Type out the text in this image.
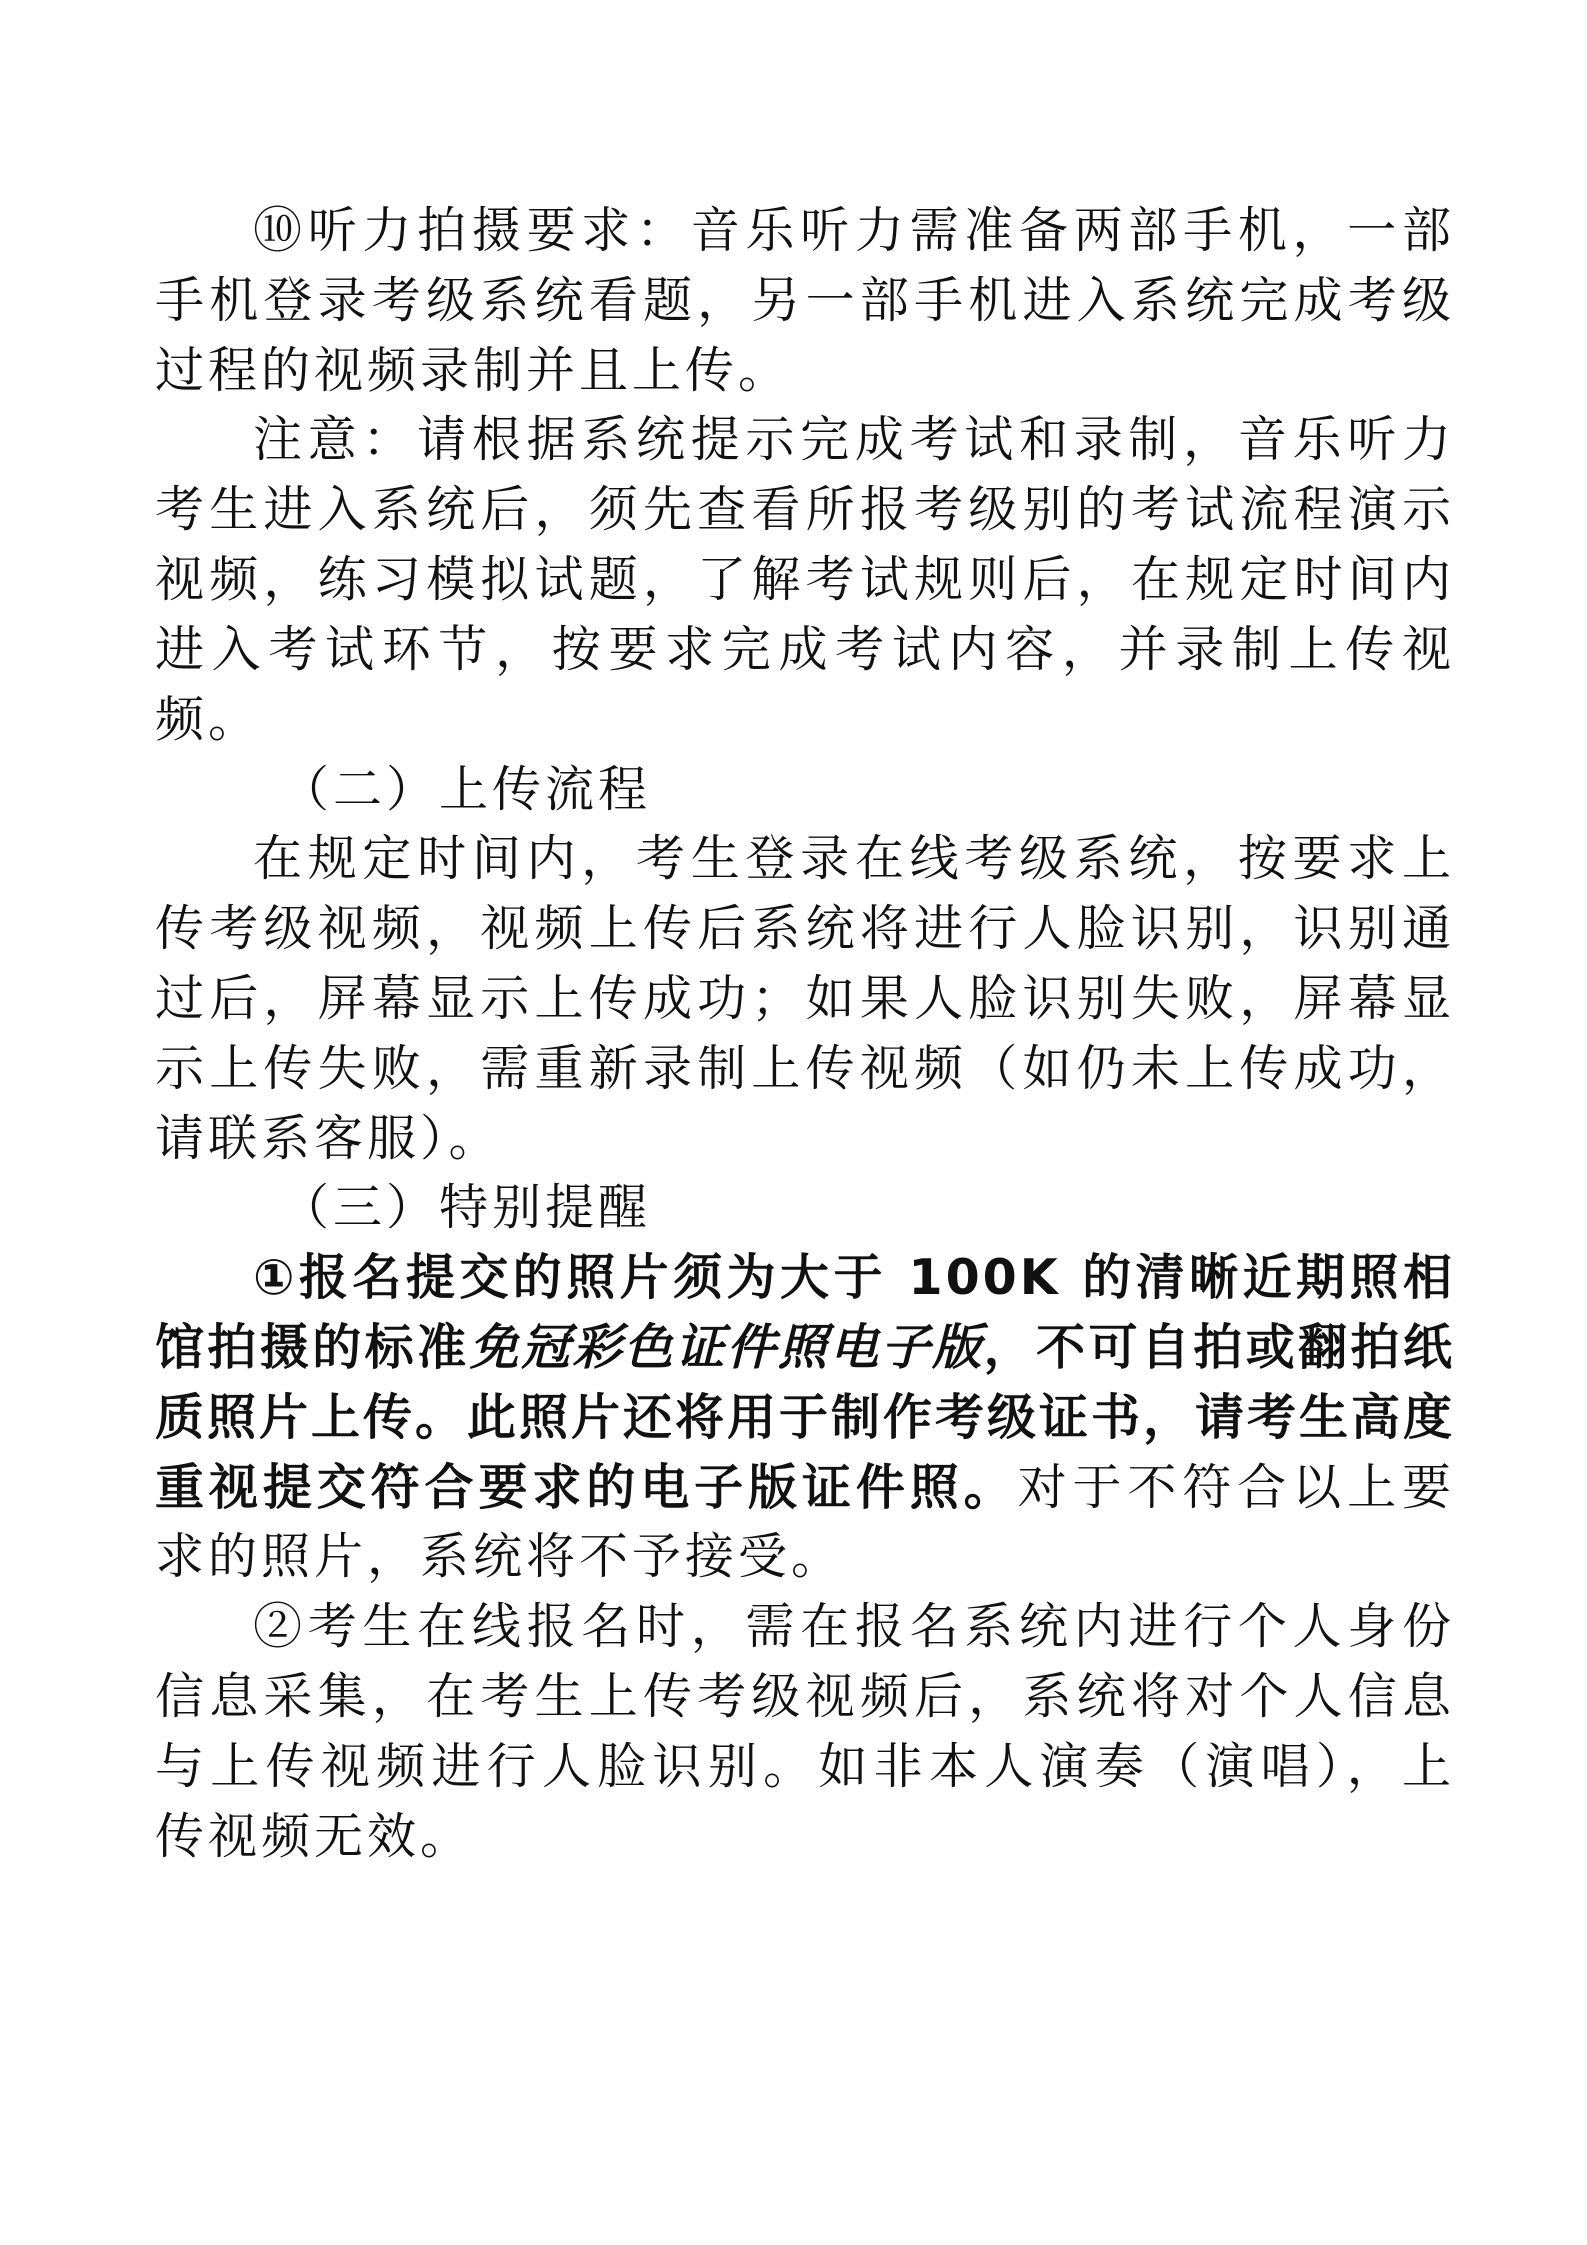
⑩听力拍摄要求：音乐听力需准备两部手机，一部手机登录考级系统看题，另一部手机进入系统完成考级过程的视频录制并且上传。

注意：请根据系统提示完成考试和录制，音乐听力考生进入系统后，须先查看所报考级别的考试流程演示视频，练习模拟试题，了解考试规则后，在规定时间内进入考试环节，按要求完成考试内容，并录制上传视频。

（二）上传流程

在规定时间内，考生登录在线考级系统，按要求上传考级视频，视频上传后系统将进行人脸识别，识别通过后，屏幕显示上传成功；如果人脸识别失败，屏幕显示上传失败，需重新录制上传视频（如仍未上传成功，请联系客服）。

（三）特别提醒

①报名提交的照片须为大于 100K 的清晰近期照相馆拍摄的标准免冠彩色证件照电子版，不可自拍或翻拍纸质照片上传。此照片还将用于制作考级证书，请考生高度重视提交符合要求的电子版证件照。对于不符合以上要求的照片，系统将不予接受。

②考生在线报名时，需在报名系统内进行个人身份信息采集，在考生上传考级视频后，系统将对个人信息与上传视频进行人脸识别。如非本人演奏（演唱），上传视频无效。
